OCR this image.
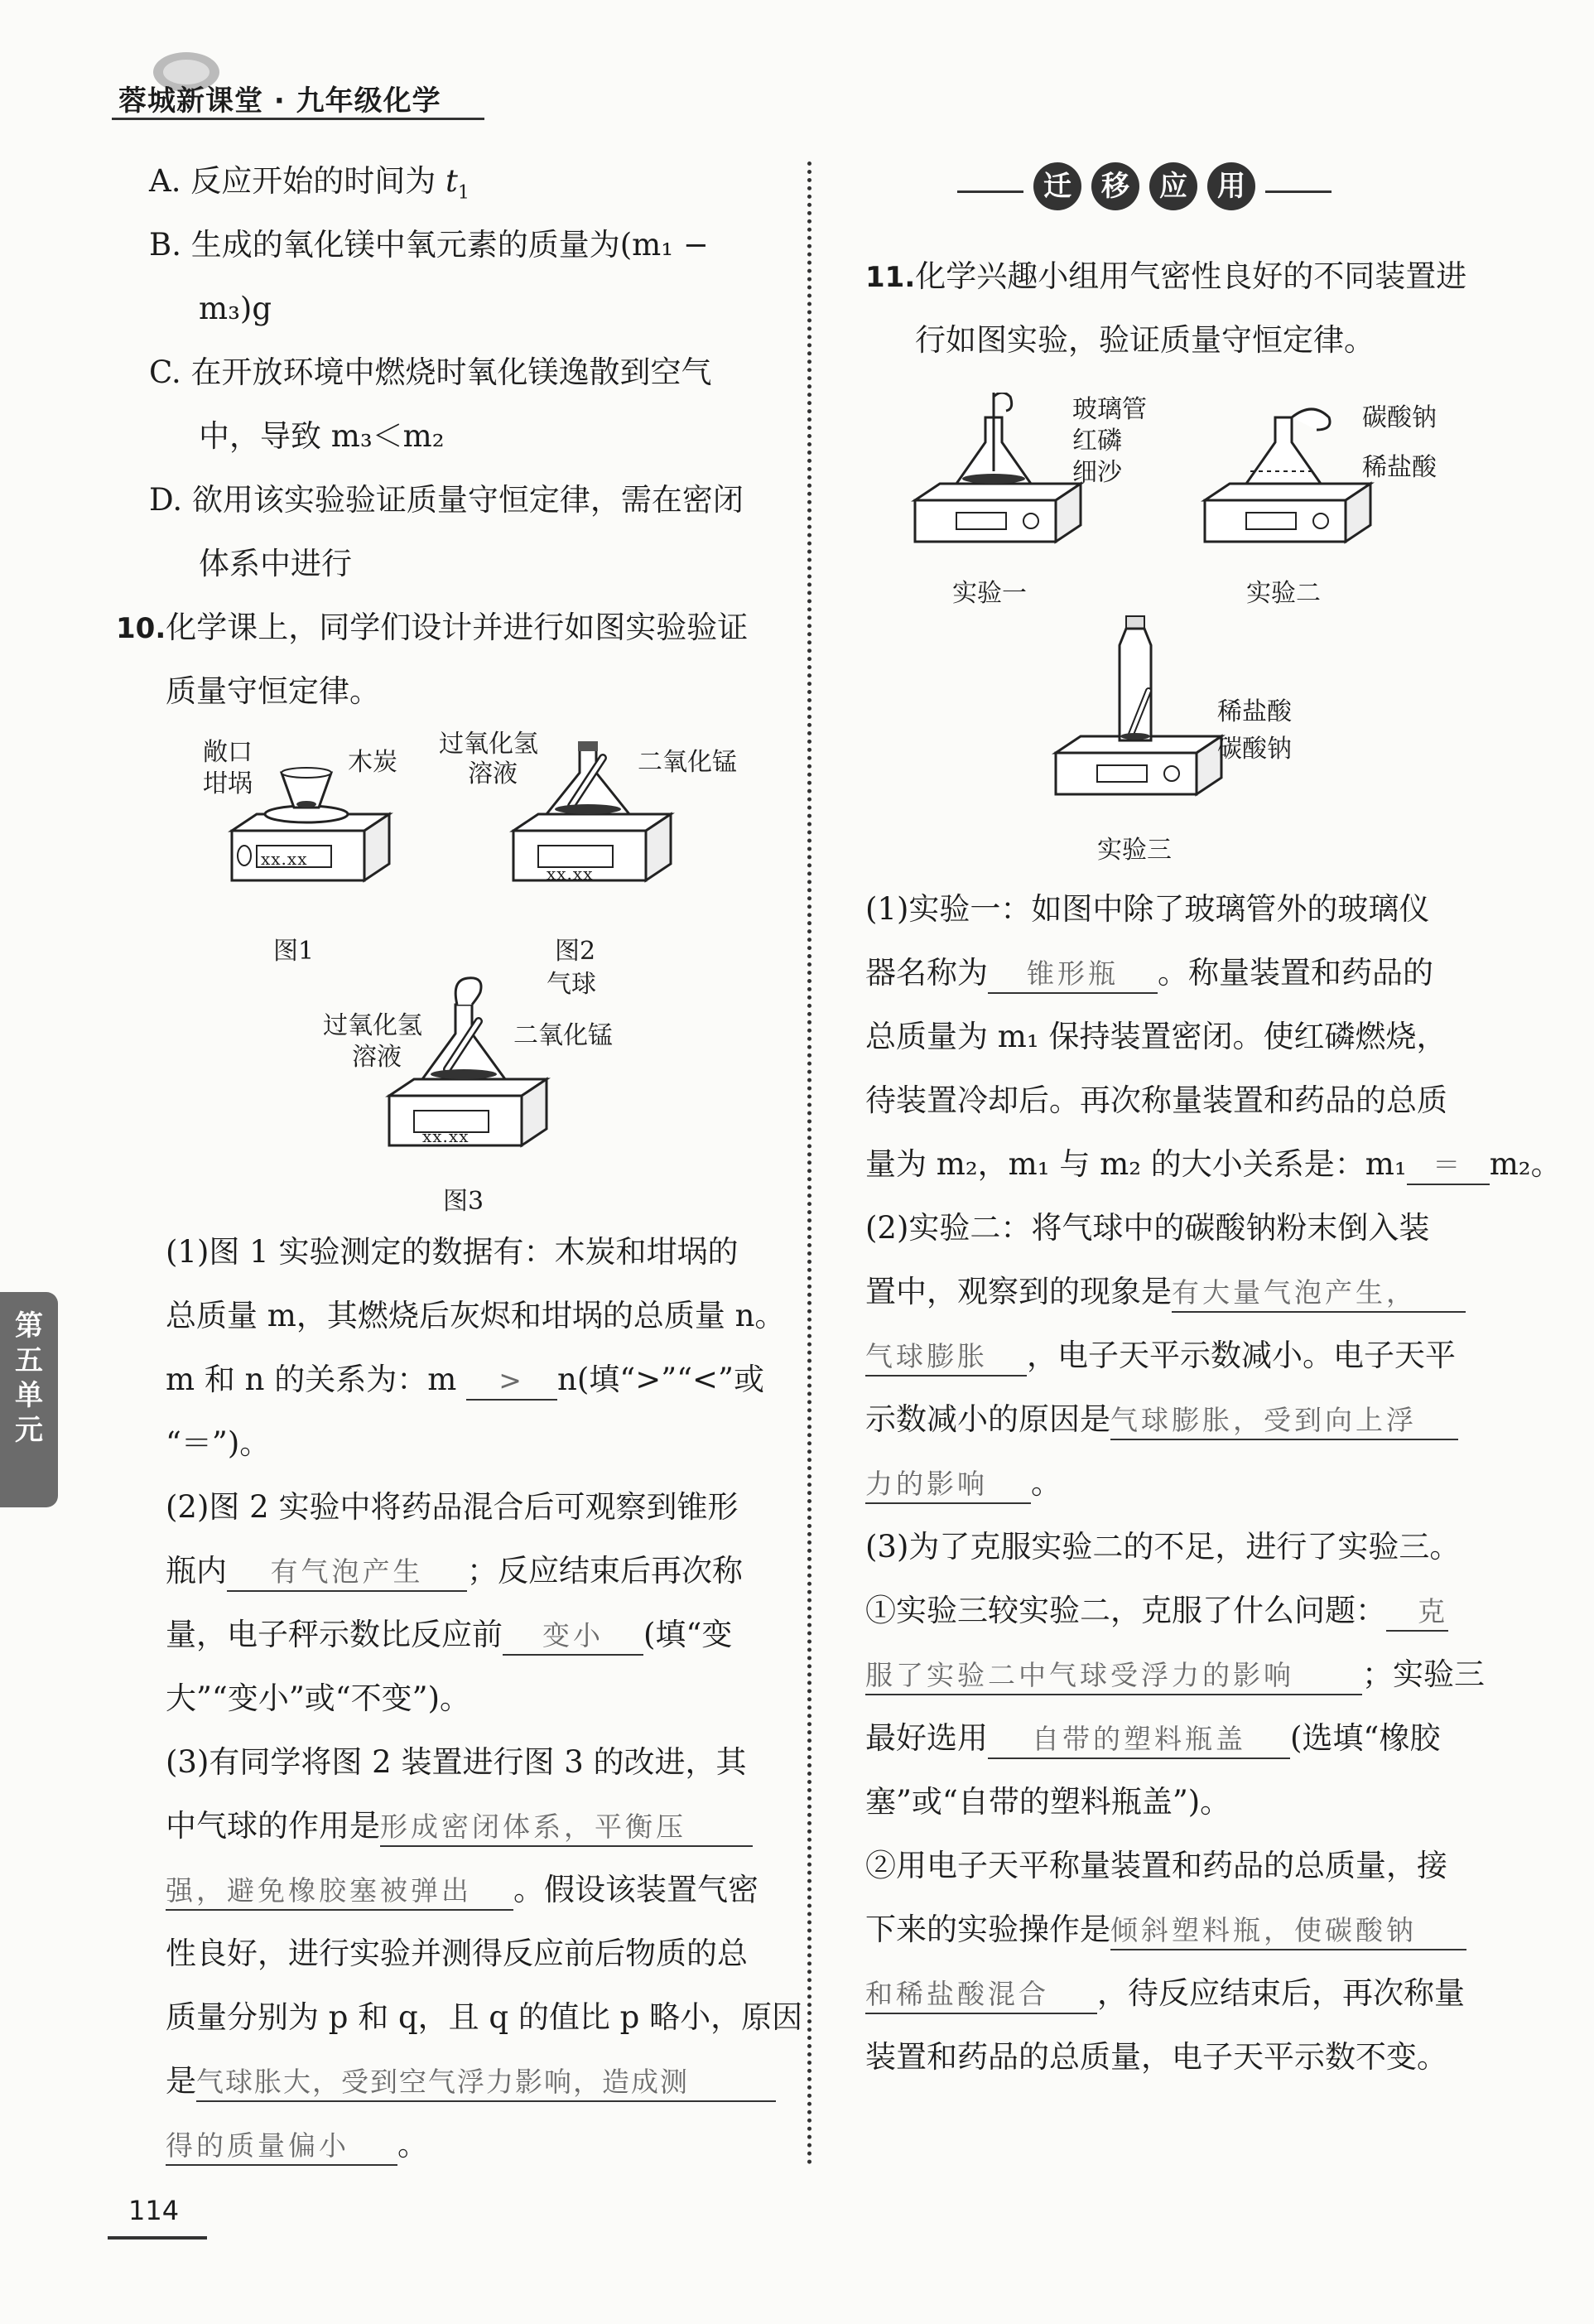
蓉城新课堂 · 九年级化学
第五单元
A. 反应开始的时间为 $t_1$
B. 生成的氧化镁中氧元素的质量为(m₁ −
m₃)g
C. 在开放环境中燃烧时氧化镁逸散到空气
中，导致 m₃＜m₂
D. 欲用该实验验证质量守恒定律，需在密闭
体系中进行
10.化学课上，同学们设计并进行如图实验验证
质量守恒定律。
xx.xx
敞口
坩埚
木炭
xx.xx
过氧化氢
溶液	二氧化锰
图1	图2
xx.xx
气球
过氧化氢
溶液
二氧化锰
图3
(1)图 1 实验测定的数据有：木炭和坩埚的
总质量 m，其燃烧后灰烬和坩埚的总质量 n。
m 和 n 的关系为：m > n(填“>”“<”或
“＝”)。
(2)图 2 实验中将药品混合后可观察到锥形
瓶内 有气泡产生 ；反应结束后再次称
量，电子秤示数比反应前 变小 (填“变
大”“变小”或“不变”)。
(3)有同学将图 2 装置进行图 3 的改进，其
中气球的作用是形成密闭体系，平衡压
强，避免橡胶塞被弹出 。假设该装置气密
性良好，进行实验并测得反应前后物质的总
质量分别为 p 和 q，且 q 的值比 p 略小，原因
是气球胀大，受到空气浮力影响，造成测
得的质量偏小 。
迁 移 应 用
11.化学兴趣小组用气密性良好的不同装置进
行如图实验，验证质量守恒定律。
玻璃管
红磷
细沙
碳酸钠
稀盐酸
实验一	实验二
稀盐酸
碳酸钠
实验三
(1)实验一：如图中除了玻璃管外的玻璃仪
器名称为 锥形瓶 。称量装置和药品的
总质量为 m₁ 保持装置密闭。使红磷燃烧，
待装置冷却后。再次称量装置和药品的总质
量为 m₂，m₁ 与 m₂ 的大小关系是：m₁ ＝ m₂。
(2)实验二：将气球中的碳酸钠粉末倒入装
置中，观察到的现象是有大量气泡产生，
气球膨胀 ，电子天平示数减小。电子天平
示数减小的原因是气球膨胀，受到向上浮
力的影响 。
(3)为了克服实验二的不足，进行了实验三。
①实验三较实验二，克服了什么问题： 克
服了实验二中气球受浮力的影响 ；实验三
最好选用 自带的塑料瓶盖 (选填“橡胶
塞”或“自带的塑料瓶盖”)。
②用电子天平称量装置和药品的总质量，接
下来的实验操作是倾斜塑料瓶，使碳酸钠
和稀盐酸混合 ，待反应结束后，再次称量
装置和药品的总质量，电子天平示数不变。
114
